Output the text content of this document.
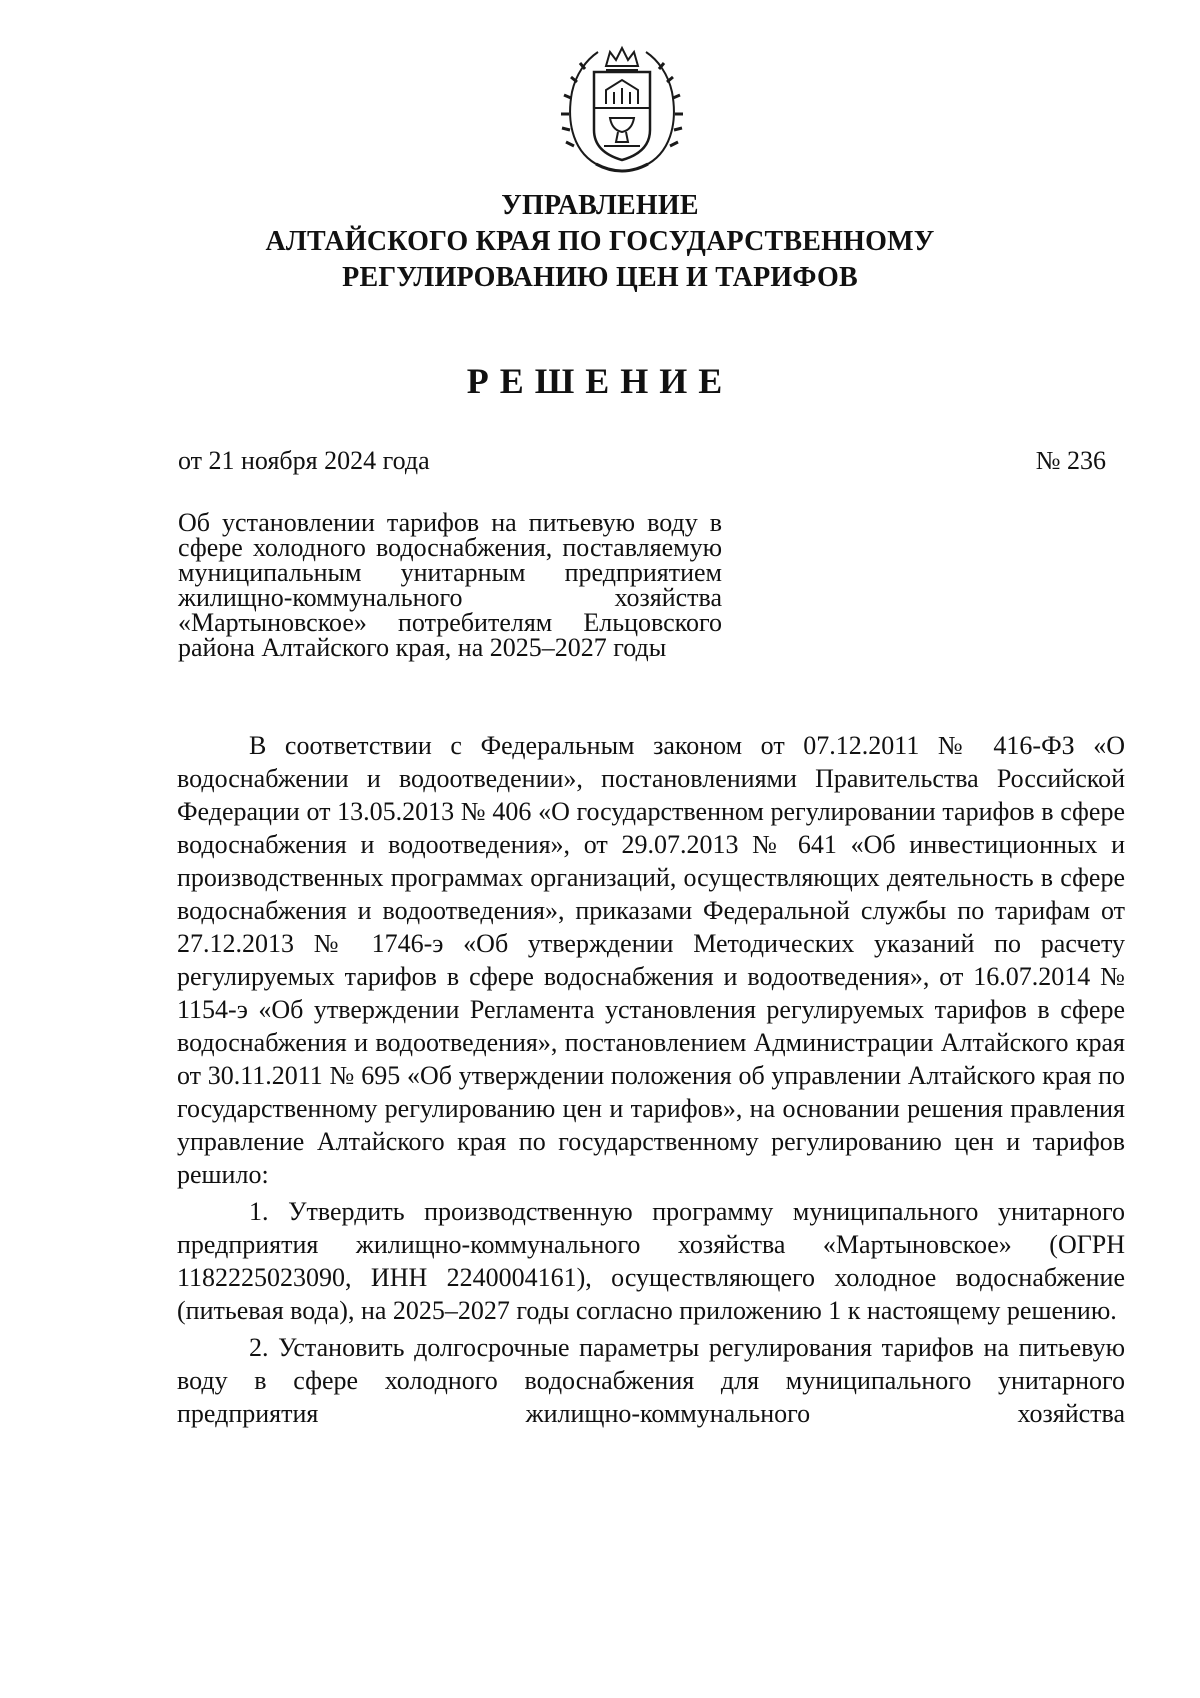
УПРАВЛЕНИЕ
АЛТАЙСКОГО КРАЯ ПО ГОСУДАРСТВЕННОМУ
РЕГУЛИРОВАНИЮ ЦЕН И ТАРИФОВ
РЕШЕНИЕ
от 21 ноября 2024 года	№ 236
Об установлении тарифов на питьевую воду в сфере холодного водоснабжения, поставляемую муниципальным унитарным предприятием жилищно-коммунального хозяйства «Мартыновское» потребителям Ельцовского района Алтайского края, на 2025–2027 годы

В соответствии с Федеральным законом от 07.12.2011 № 416-ФЗ «О водоснабжении и водоотведении», постановлениями Правительства Российской Федерации от 13.05.2013 № 406 «О государственном регулировании тарифов в сфере водоснабжения и водоотведения», от 29.07.2013 № 641 «Об инвестиционных и производственных программах организаций, осуществляющих деятельность в сфере водоснабжения и водоотведения», приказами Федеральной службы по тарифам от 27.12.2013 № 1746-э «Об утверждении Методических указаний по расчету регулируемых тарифов в сфере водоснабжения и водоотведения», от 16.07.2014 № 1154-э «Об утверждении Регламента установления регулируемых тарифов в сфере водоснабжения и водоотведения», постановлением Администрации Алтайского края от 30.11.2011 № 695 «Об утверждении положения об управлении Алтайского края по государственному регулированию цен и тарифов», на основании решения правления управление Алтайского края по государственному регулированию цен и тарифов решило:

1. Утвердить производственную программу муниципального унитарного предприятия жилищно-коммунального хозяйства «Мартыновское» (ОГРН 1182225023090, ИНН 2240004161), осуществляющего холодное водоснабжение (питьевая вода), на 2025–2027 годы согласно приложению 1 к настоящему решению.

2. Установить долгосрочные параметры регулирования тарифов на питьевую воду в сфере холодного водоснабжения для муниципального унитарного предприятия жилищно-коммунального хозяйства
